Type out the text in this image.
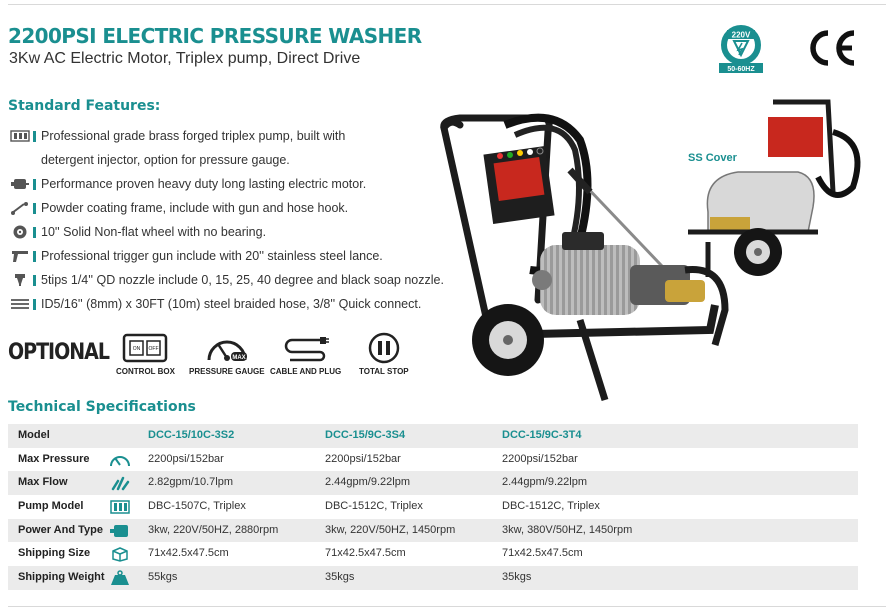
2200PSI ELECTRIC PRESSURE WASHER

3Kw AC Electric Motor, Triplex pump, Direct Drive

220V
50-60HZ
Standard Features:
Professional grade brass forged triplex pump, built with
detergent injector, option for pressure gauge.
Performance proven heavy duty long lasting electric motor.
Powder coating frame, include with gun and hose hook.
10'' Solid Non-flat wheel with no bearing.
Professional trigger gun include with 20'' stainless steel lance.
5tips 1/4'' QD nozzle include 0, 15, 25, 40 degree and black soap nozzle.
ID5/16'' (8mm) x 30FT (10m) steel braided hose, 3/8'' Quick connect.
OPTIONAL	ON OFF
CONTROL BOX
MAX
PRESSURE GAUGE CABLE AND PLUG TOTAL STOP
SS Cover
Technical Specifications
Model	DCC-15/10C-3S2	DCC-15/9C-3S4	DCC-15/9C-3T4
Max Pressure	2200psi/152bar	2200psi/152bar	2200psi/152bar
Max Flow	2.82gpm/10.7lpm	2.44gpm/9.22lpm	2.44gpm/9.22lpm
Pump Model	DBC-1507C, Triplex	DBC-1512C, Triplex	DBC-1512C, Triplex
Power And Type	3kw, 220V/50HZ, 2880rpm	3kw, 220V/50HZ, 1450rpm	3kw, 380V/50HZ, 1450rpm
Shipping Size	71x42.5x47.5cm	71x42.5x47.5cm	71x42.5x47.5cm
Shipping Weight	55kgs	35kgs	35kgs
